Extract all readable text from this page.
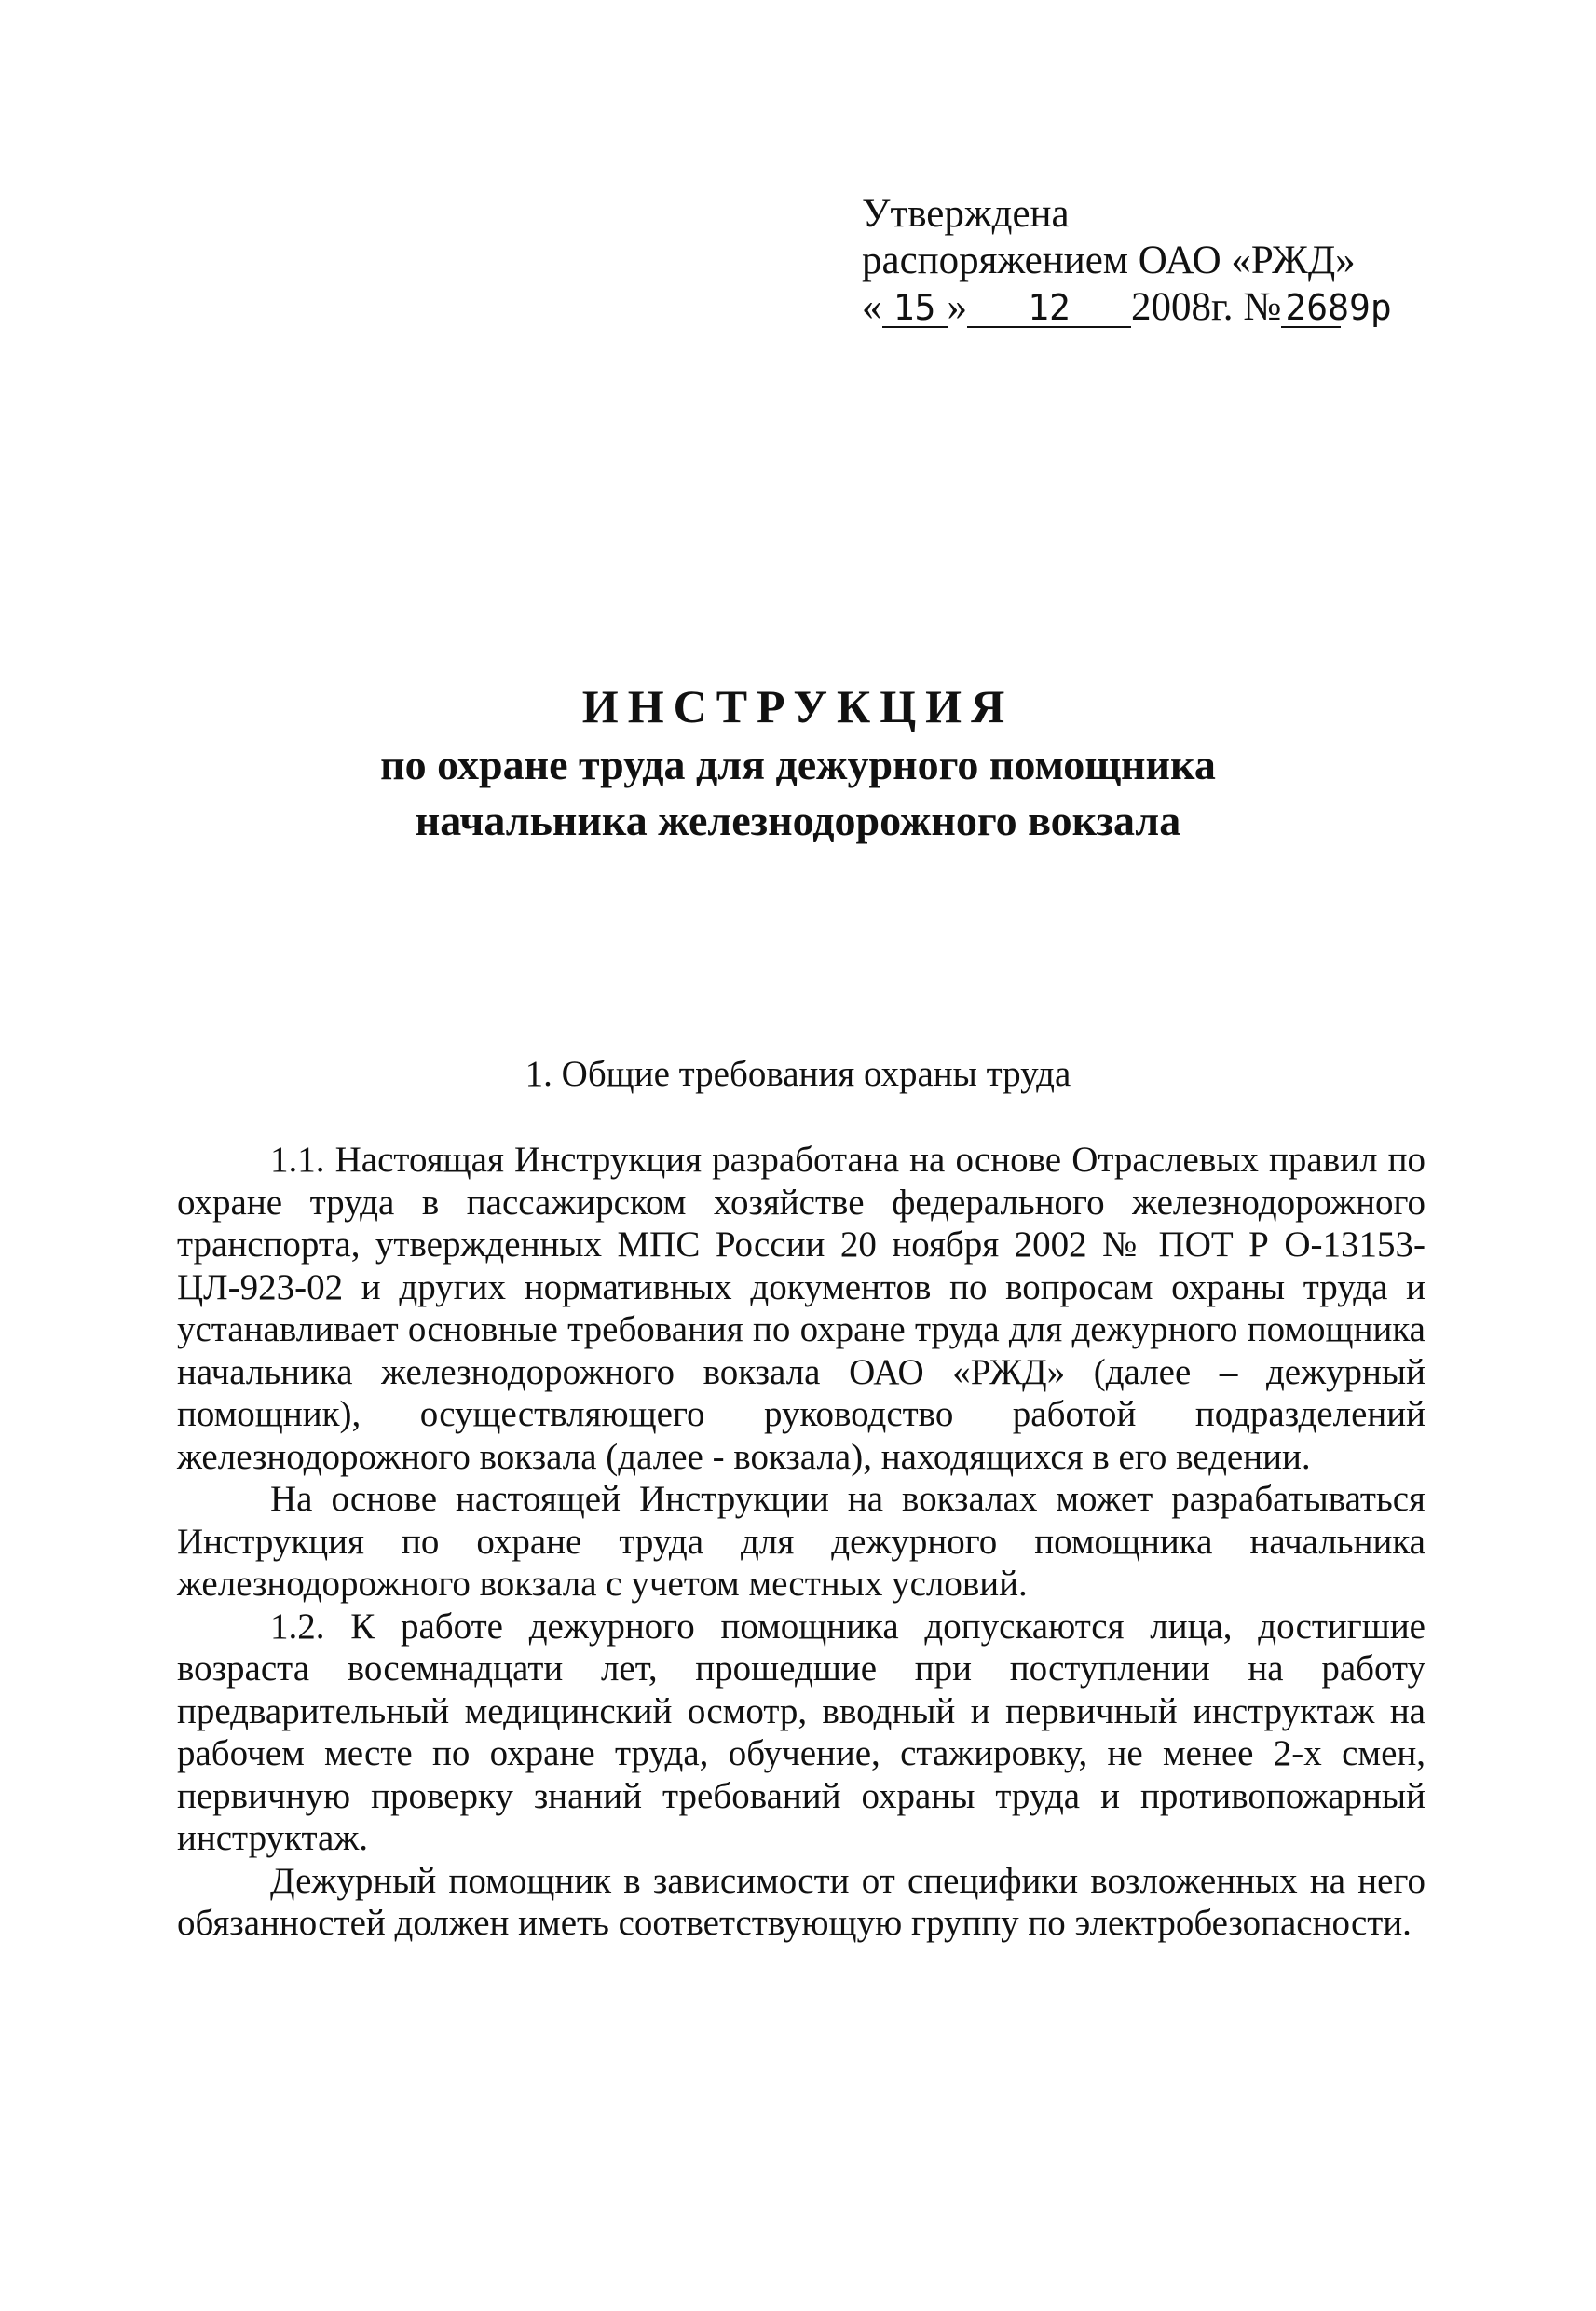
Утверждена
распоряжением ОАО «РЖД»
« 15 » 12 2008г. № 2689р
ИНСТРУКЦИЯ
по охране труда для дежурного помощника
начальника железнодорожного вокзала
1. Общие требования охраны труда

1.1. Настоящая Инструкция разработана на основе Отраслевых правил по охране труда в пассажирском хозяйстве федерального железнодорожного транспорта, утвержденных МПС России 20 ноября 2002 № ПОТ Р О-13153-ЦЛ-923-02 и других нормативных документов по вопросам охраны труда и устанавливает основные требования по охране труда для дежурного помощника начальника железнодорожного вокзала ОАО «РЖД» (далее – дежурный помощник), осуществляющего руководство работой подразделений железнодорожного вокзала (далее - вокзала), находящихся в его ведении.

На основе настоящей Инструкции на вокзалах может разрабатываться Инструкция по охране труда для дежурного помощника начальника железнодорожного вокзала с учетом местных условий.

1.2. К работе дежурного помощника допускаются лица, достигшие возраста восемнадцати лет, прошедшие при поступлении на работу предварительный медицинский осмотр, вводный и первичный инструктаж на рабочем месте по охране труда, обучение, стажировку, не менее 2-х смен, первичную проверку знаний требований охраны труда и противопожарный инструктаж.

Дежурный помощник в зависимости от специфики возложенных на него обязанностей должен иметь соответствующую группу по электробезопасности.
